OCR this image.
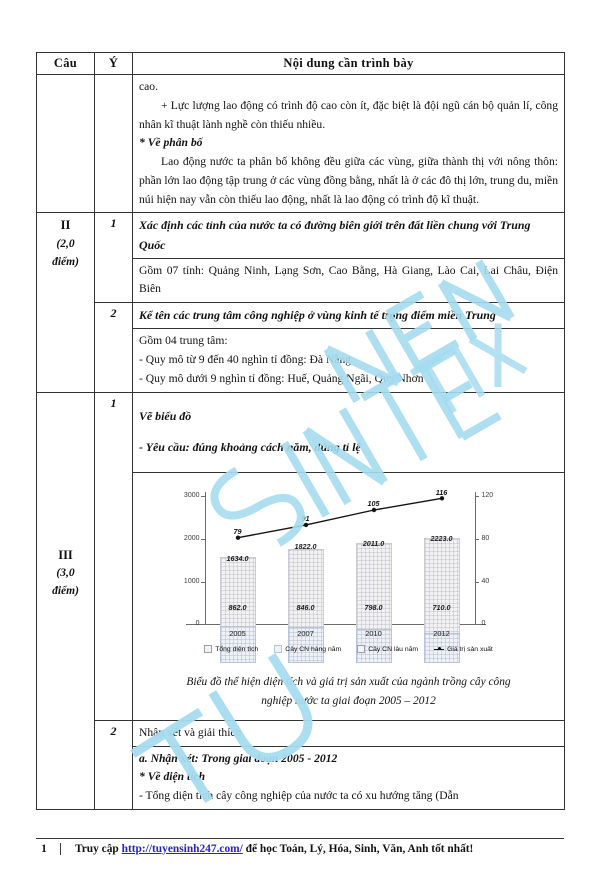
Câu	Ý	Nội dung cần trình bày

		cao.

+ Lực lượng lao động có trình độ cao còn ít, đặc biệt là đội ngũ cán bộ quản lí, công nhân kĩ thuật lành nghề còn thiếu nhiều.

* Về phân bố

Lao động nước ta phân bố không đều giữa các vùng, giữa thành thị với nông thôn: phần lớn lao động tập trung ở các vùng đồng bằng, nhất là ở các đô thị lớn, trung du, miền núi hiện nay vẫn còn thiếu lao động, nhất là lao động có trình độ kĩ thuật.

II
(2,0
điểm)	1	Xác định các tỉnh của nước ta có đường biên giới trên đất liền chung với Trung Quốc
		Gồm 07 tỉnh: Quảng Ninh, Lạng Sơn, Cao Bằng, Hà Giang, Lào Cai, Lai Châu, Điện Biên
	2	Kể tên các trung tâm công nghiệp ở vùng kinh tế trọng điểm miền Trung

		Gồm 04 trung tâm:

- Quy mô từ 9 đến 40 nghìn tỉ đồng: Đà Nẵng

- Quy mô dưới 9 nghìn tỉ đồng: Huế, Quảng Ngãi, Quy Nhơn

III
(3,0
điểm)
	1	

Vẽ biểu đồ

- Yêu cầu: đúng khoảng cách năm, đúng tỉ lệ

0
1000
2000
3000
0
40
80
120
1634.0
1822.0	2011.0
2223.0
862.0	846.0	798.0	710.0
79
91
105
116
2005	2007	2010	2012
Tổng diện tích	Cây CN hàng năm	Cây CN lâu năm	Giá trị sản xuất
Biểu đồ thể hiện diện tích và giá trị sản xuất của ngành trồng cây công
nghiệp nước ta giai đoạn 2005 – 2012

	2	Nhận xét và giải thích

		a. Nhận xét: Trong giai đoạn 2005 - 2012

* Về diện tích

- Tổng diện tích cây công nghiệp của nước ta có xu hướng tăng (Dẫn

1	Truy cập http://tuyensinh247.com/ để học Toán, Lý, Hóa, Sinh, Văn, Anh tốt nhất!
